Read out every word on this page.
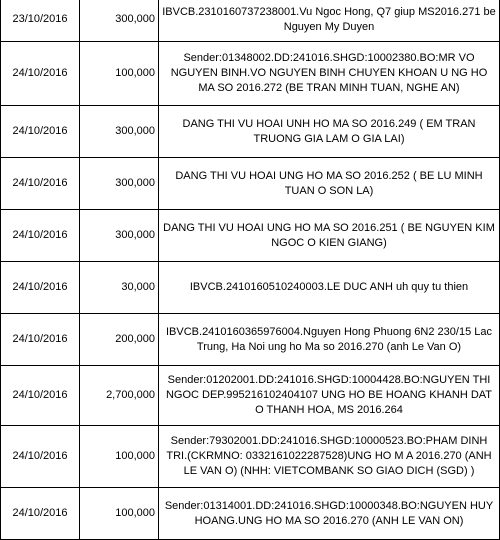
23/10/2016	300,000	IBVCB.2310160737238001.Vu Ngoc Hong, Q7 giup MS2016.271 be Nguyen My Duyen
24/10/2016	100,000	Sender:01348002.DD:241016.SHGD:10002380.BO:MR VO NGUYEN BINH.VO NGUYEN BINH CHUYEN KHOAN U NG HO MA SO 2016.272 (BE TRAN MINH TUAN, NGHE AN)
24/10/2016	300,000	DANG THI VU HOAI UNH HO MA SO 2016.249 ( EM TRAN TRUONG GIA LAM O GIA LAI)
24/10/2016	300,000	DANG THI VU HOAI UNG HO MA SO 2016.252 ( BE LU MINH TUAN O SON LA)
24/10/2016	300,000	DANG THI VU HOAI UNG HO MA SO 2016.251 ( BE NGUYEN KIM NGOC O KIEN GIANG)
24/10/2016	30,000	IBVCB.2410160510240003.LE DUC ANH uh quy tu thien
24/10/2016	200,000	IBVCB.2410160365976004.Nguyen Hong Phuong 6N2 230/15 Lac Trung, Ha Noi ung ho Ma so 2016.270 (anh Le Van O)
24/10/2016	2,700,000	Sender:01202001.DD:241016.SHGD:10004428.BO:NGUYEN THI NGOC DEP.995216102404107 UNG HO BE HOANG KHANH DAT O THANH HOA, MS 2016.264
24/10/2016	100,000	Sender:79302001.DD:241016.SHGD:10000523.BO:PHAM DINH TRI.(CKRMNO: 0332161022287528)UNG HO M A 2016.270 (ANH LE VAN O) (NHH: VIETCOMBANK SO GIAO DICH (SGD) )
24/10/2016	100,000	Sender:01314001.DD:241016.SHGD:10000348.BO:NGUYEN HUY HOANG.UNG HO MA SO 2016.270 (ANH LE VAN ON)
